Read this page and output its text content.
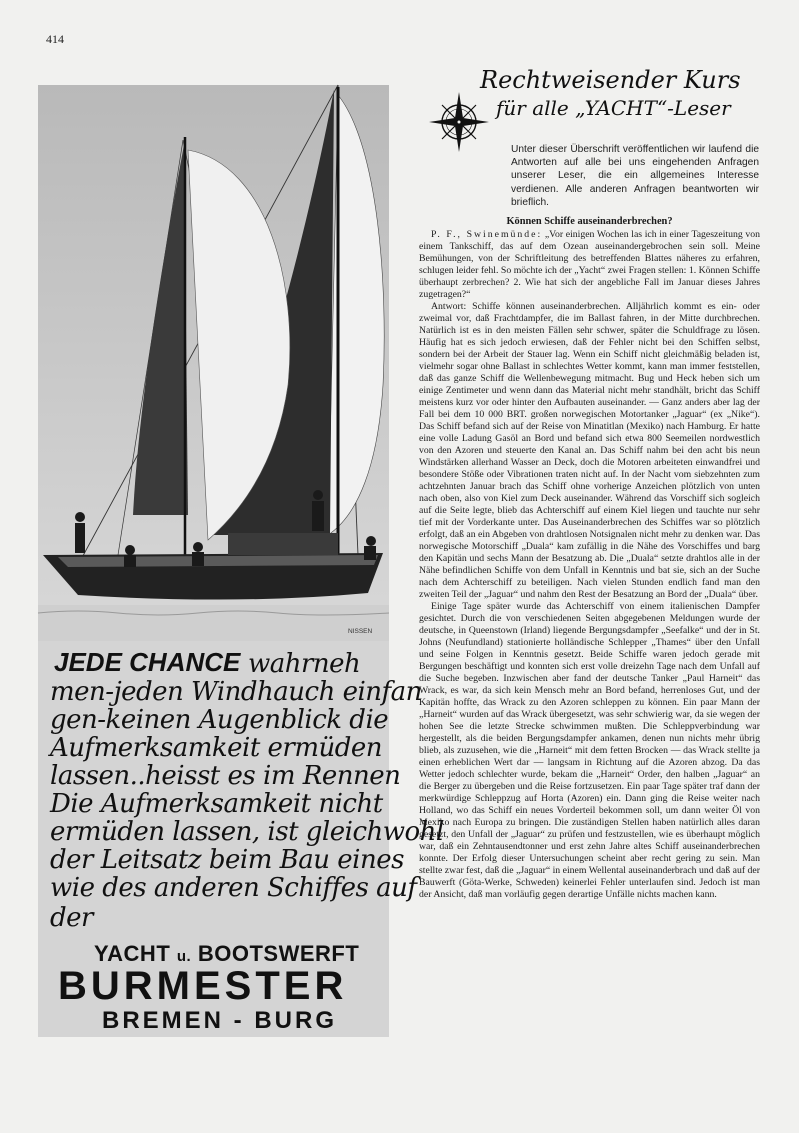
414
NISSEN
JEDE CHANCE wahrneh
men-jeden Windhauch einfan
gen-keinen Augenblick die
Aufmerksamkeit ermüden
lassen..heisst es im Rennen
Die Aufmerksamkeit nicht
ermüden lassen, ist gleichwohl
der Leitsatz beim Bau eines
wie des anderen Schiffes auf
der
YACHT u. BOOTSWERFT
BURMESTER
BREMEN - BURG
Rechtweisender Kurs
für alle „YACHT“-Leser
Unter dieser Überschrift veröffentlichen wir laufend die Antworten auf alle bei uns eingehenden Anfragen unserer Leser, die ein allgemeines Interesse verdienen. Alle anderen Anfragen beantworten wir brieflich.
Können Schiffe auseinanderbrechen?

P. F., Swinemünde: „Vor einigen Wochen las ich in einer Tageszeitung von einem Tankschiff, das auf dem Ozean auseinandergebrochen sein soll. Meine Bemühungen, von der Schriftleitung des betreffenden Blattes näheres zu erfahren, schlugen leider fehl. So möchte ich der „Yacht“ zwei Fragen stellen: 1. Können Schiffe überhaupt zerbrechen? 2. Wie hat sich der angebliche Fall im Januar dieses Jahres zugetragen?“

Antwort: Schiffe können auseinanderbrechen. Alljährlich kommt es ein- oder zweimal vor, daß Frachtdampfer, die im Ballast fahren, in der Mitte durchbrechen. Natürlich ist es in den meisten Fällen sehr schwer, später die Schuldfrage zu lösen. Häufig hat es sich jedoch erwiesen, daß der Fehler nicht bei den Schiffen selbst, sondern bei der Arbeit der Stauer lag. Wenn ein Schiff nicht gleichmäßig beladen ist, vielmehr sogar ohne Ballast in schlechtes Wetter kommt, kann man immer feststellen, daß das ganze Schiff die Wellenbewegung mitmacht. Bug und Heck heben sich um einige Zentimeter und wenn dann das Material nicht mehr standhält, bricht das Schiff meistens kurz vor oder hinter den Aufbauten auseinander. — Ganz anders aber lag der Fall bei dem 10 000 BRT. großen norwegischen Motortanker „Jaguar“ (ex „Nike“). Das Schiff befand sich auf der Reise von Minatitlan (Mexiko) nach Hamburg. Er hatte eine volle Ladung Gasöl an Bord und befand sich etwa 800 Seemeilen nordwestlich von den Azoren und steuerte den Kanal an. Das Schiff nahm bei den acht bis neun Windstärken allerhand Wasser an Deck, doch die Motoren arbeiteten einwandfrei und besondere Stöße oder Vibrationen traten nicht auf. In der Nacht vom siebzehnten zum achtzehnten Januar brach das Schiff ohne vorherige Anzeichen plötzlich von unten nach oben, also von Kiel zum Deck auseinander. Während das Vorschiff sich sogleich auf die Seite legte, blieb das Achterschiff auf einem Kiel liegen und tauchte nur sehr tief mit der Vorderkante unter. Das Auseinanderbrechen des Schiffes war so plötzlich erfolgt, daß an ein Abgeben von drahtlosen Notsignalen nicht mehr zu denken war. Das norwegische Motorschiff „Duala“ kam zufällig in die Nähe des Vorschiffes und barg den Kapitän und sechs Mann der Besatzung ab. Die „Duala“ setzte drahtlos alle in der Nähe befindlichen Schiffe von dem Unfall in Kenntnis und bat sie, sich an der Suche nach dem Achterschiff zu beteiligen. Nach vielen Stunden endlich fand man den zweiten Teil der „Jaguar“ und nahm den Rest der Besatzung an Bord der „Duala“ über.

Einige Tage später wurde das Achterschiff von einem italienischen Dampfer gesichtet. Durch die von verschiedenen Seiten abgegebenen Meldungen wurde der deutsche, in Queenstown (Irland) liegende Bergungsdampfer „Seefalke“ und der in St. Johns (Neufundland) stationierte holländische Schlepper „Thames“ über den Unfall und seine Folgen in Kenntnis gesetzt. Beide Schiffe waren jedoch gerade mit Bergungen beschäftigt und konnten sich erst volle dreizehn Tage nach dem Unfall auf die Suche begeben. Inzwischen aber fand der deutsche Tanker „Paul Harneit“ das Wrack, es war, da sich kein Mensch mehr an Bord befand, herrenloses Gut, und der Kapitän hoffte, das Wrack zu den Azoren schleppen zu können. Ein paar Mann der „Harneit“ wurden auf das Wrack übergesetzt, was sehr schwierig war, da sie wegen der hohen See die letzte Strecke schwimmen mußten. Die Schleppverbindung war hergestellt, als die beiden Bergungsdampfer ankamen, denen nun nichts mehr übrig blieb, als zuzusehen, wie die „Harneit“ mit dem fetten Brocken — das Wrack stellte ja einen erheblichen Wert dar — langsam in Richtung auf die Azoren abzog. Da das Wetter jedoch schlechter wurde, bekam die „Harneit“ Order, den halben „Jaguar“ an die Berger zu übergeben und die Reise fortzusetzen. Ein paar Tage später traf dann der merkwürdige Schleppzug auf Horta (Azoren) ein. Dann ging die Reise weiter nach Holland, wo das Schiff ein neues Vorderteil bekommen soll, um dann weiter Öl von Mexiko nach Europa zu bringen. Die zuständigen Stellen haben natürlich alles daran gesetzt, den Unfall der „Jaguar“ zu prüfen und festzustellen, wie es überhaupt möglich war, daß ein Zehntausendtonner und erst zehn Jahre altes Schiff auseinanderbrechen konnte. Der Erfolg dieser Untersuchungen scheint aber recht gering zu sein. Man stellte zwar fest, daß die „Jaguar“ in einem Wellental auseinanderbrach und daß auf der Bauwerft (Göta-Werke, Schweden) keinerlei Fehler unterlaufen sind. Jedoch ist man der Ansicht, daß man vorläufig gegen derartige Unfälle nichts machen kann.
